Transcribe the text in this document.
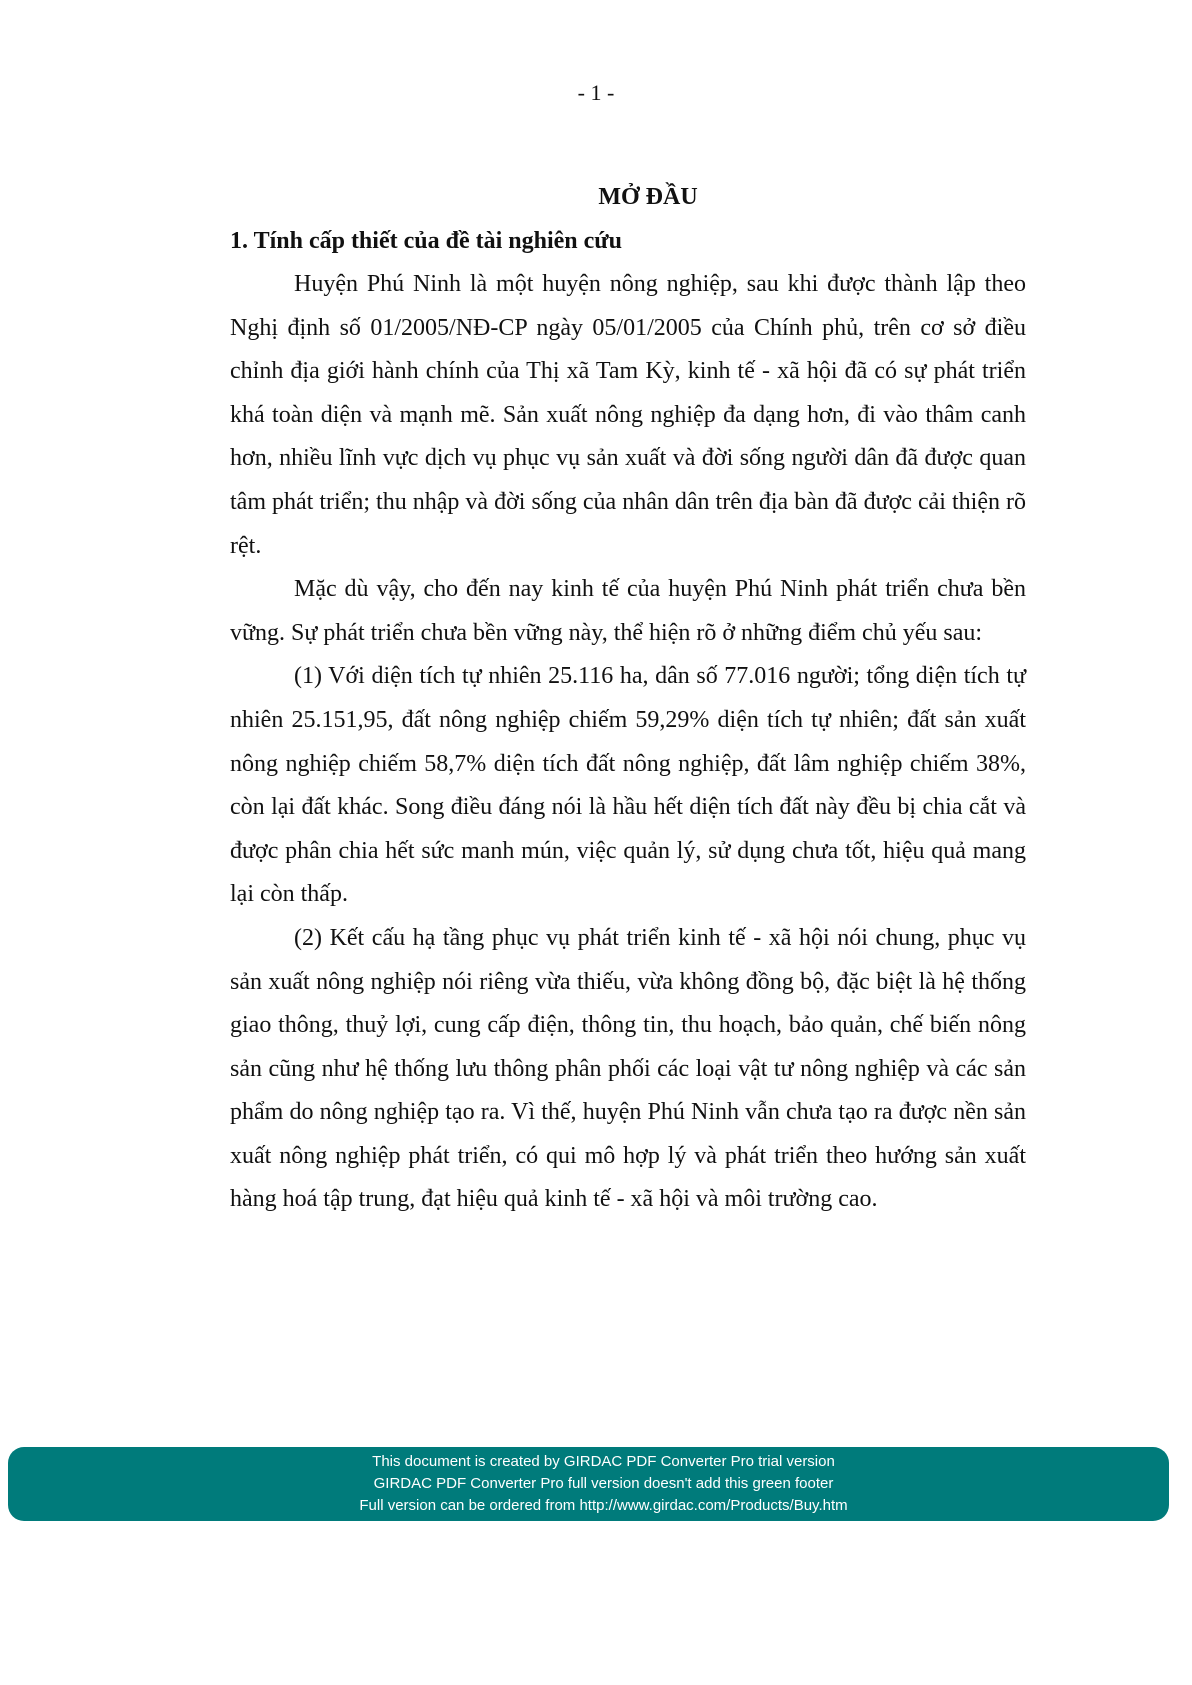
- 1 -
MỞ ĐẦU
1. Tính cấp thiết của đề tài nghiên cứu

Huyện Phú Ninh là một huyện nông nghiệp, sau khi được thành lập theo Nghị định số 01/2005/NĐ-CP ngày 05/01/2005 của Chính phủ, trên cơ sở điều chỉnh địa giới hành chính của Thị xã Tam Kỳ, kinh tế - xã hội đã có sự phát triển khá toàn diện và mạnh mẽ. Sản xuất nông nghiệp đa dạng hơn, đi vào thâm canh hơn, nhiều lĩnh vực dịch vụ phục vụ sản xuất và đời sống người dân đã được quan tâm phát triển; thu nhập và đời sống của nhân dân trên địa bàn đã được cải thiện rõ rệt.

Mặc dù vậy, cho đến nay kinh tế của huyện Phú Ninh phát triển chưa bền vững. Sự phát triển chưa bền vững này, thể hiện rõ ở những điểm chủ yếu sau:

(1) Với diện tích tự nhiên 25.116 ha, dân số 77.016 người; tổng diện tích tự nhiên 25.151,95, đất nông nghiệp chiếm 59,29% diện tích tự nhiên; đất sản xuất nông nghiệp chiếm 58,7% diện tích đất nông nghiệp, đất lâm nghiệp chiếm 38%, còn lại đất khác. Song điều đáng nói là hầu hết diện tích đất này đều bị chia cắt và được phân chia hết sức manh mún, việc quản lý, sử dụng chưa tốt, hiệu quả mang lại còn thấp.

(2) Kết cấu hạ tầng phục vụ phát triển kinh tế - xã hội nói chung, phục vụ sản xuất nông nghiệp nói riêng vừa thiếu, vừa không đồng bộ, đặc biệt là hệ thống giao thông, thuỷ lợi, cung cấp điện, thông tin, thu hoạch, bảo quản, chế biến nông sản cũng như hệ thống lưu thông phân phối các loại vật tư nông nghiệp và các sản phẩm do nông nghiệp tạo ra. Vì thế, huyện Phú Ninh vẫn chưa tạo ra được nền sản xuất nông nghiệp phát triển, có qui mô hợp lý và phát triển theo hướng sản xuất hàng hoá tập trung, đạt hiệu quả kinh tế - xã hội và môi trường cao.

This document is created by GIRDAC PDF Converter Pro trial version
GIRDAC PDF Converter Pro full version doesn't add this green footer
Full version can be ordered from http://www.girdac.com/Products/Buy.htm
